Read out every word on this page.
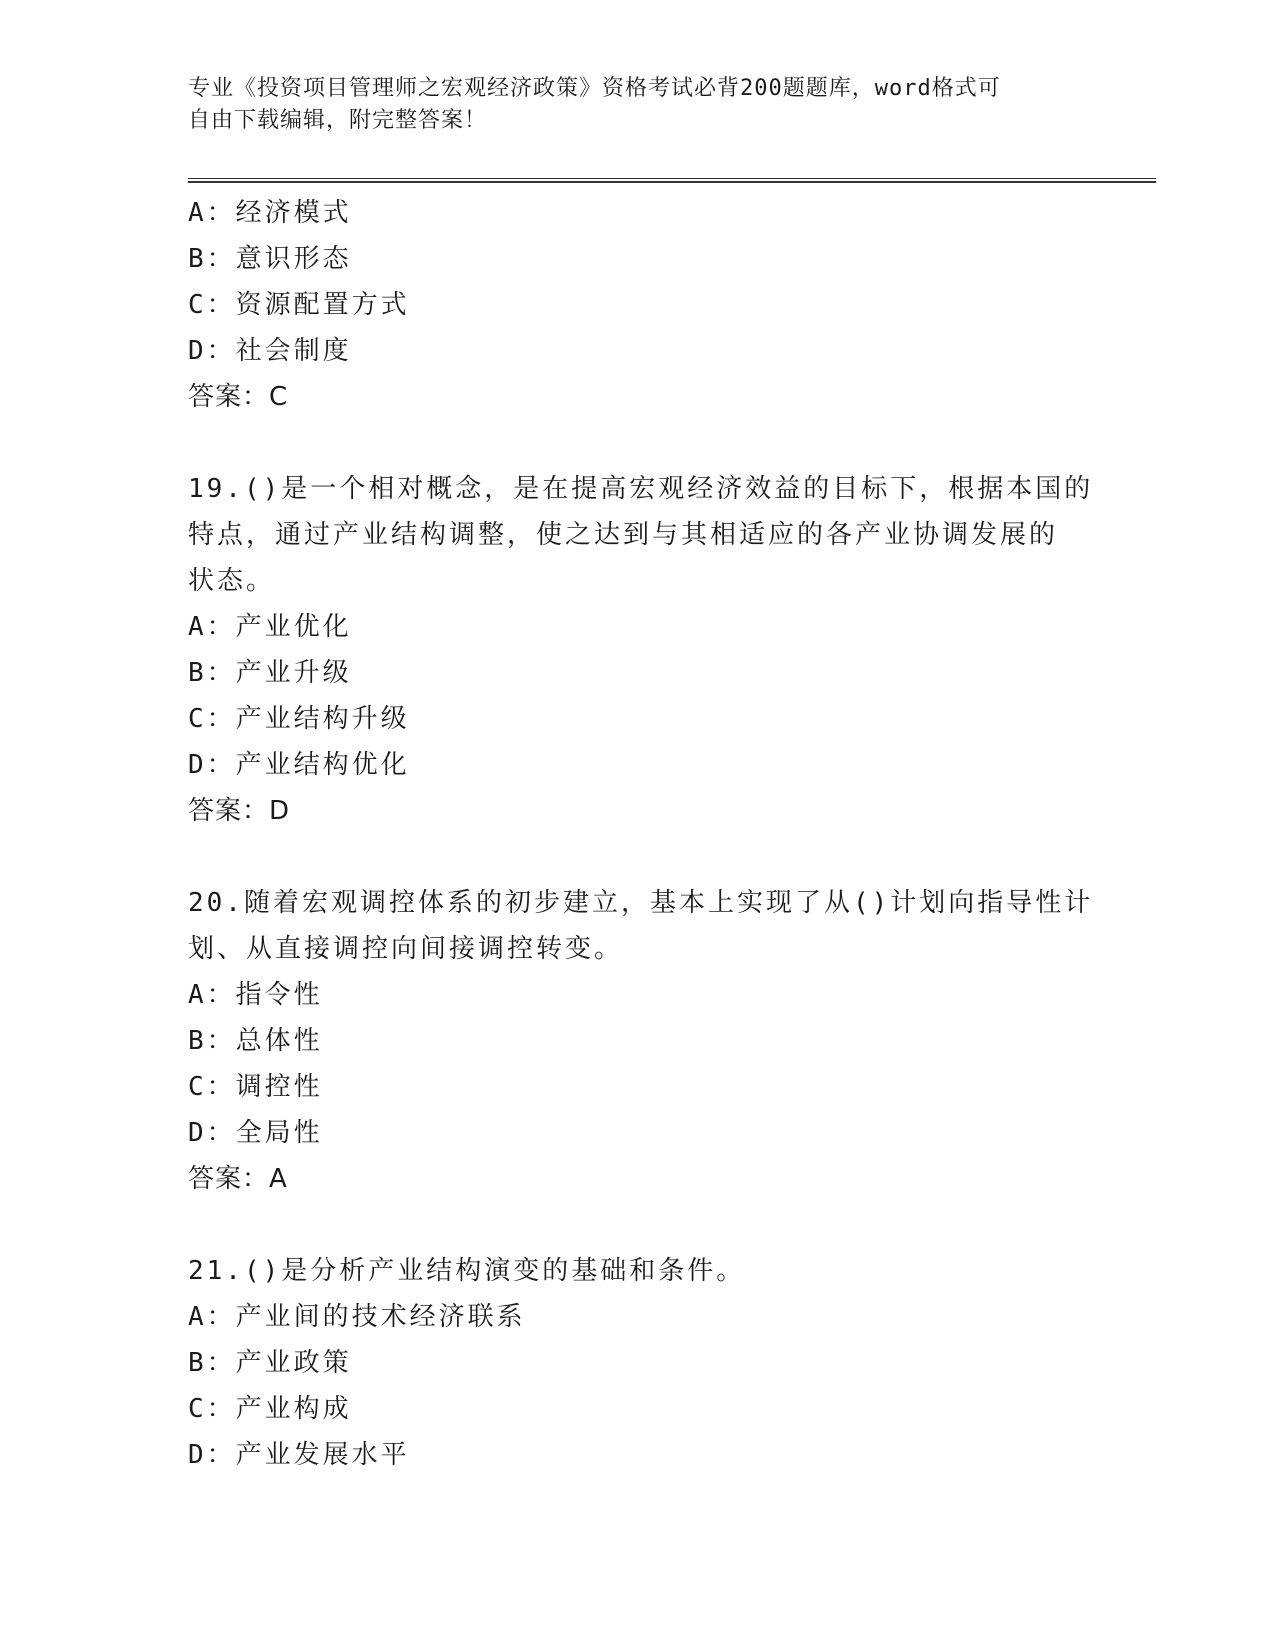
专业《投资项目管理师之宏观经济政策》资格考试必背200题题库，word格式可
自由下载编辑，附完整答案！
A：经济模式
B：意识形态
C：资源配置方式
D：社会制度
答案：C
19.()是一个相对概念，是在提高宏观经济效益的目标下，根据本国的
特点，通过产业结构调整，使之达到与其相适应的各产业协调发展的
状态。
A：产业优化
B：产业升级
C：产业结构升级
D：产业结构优化
答案：D
20.随着宏观调控体系的初步建立，基本上实现了从()计划向指导性计
划、从直接调控向间接调控转变。
A：指令性
B：总体性
C：调控性
D：全局性
答案：A
21.()是分析产业结构演变的基础和条件。
A：产业间的技术经济联系
B：产业政策
C：产业构成
D：产业发展水平
